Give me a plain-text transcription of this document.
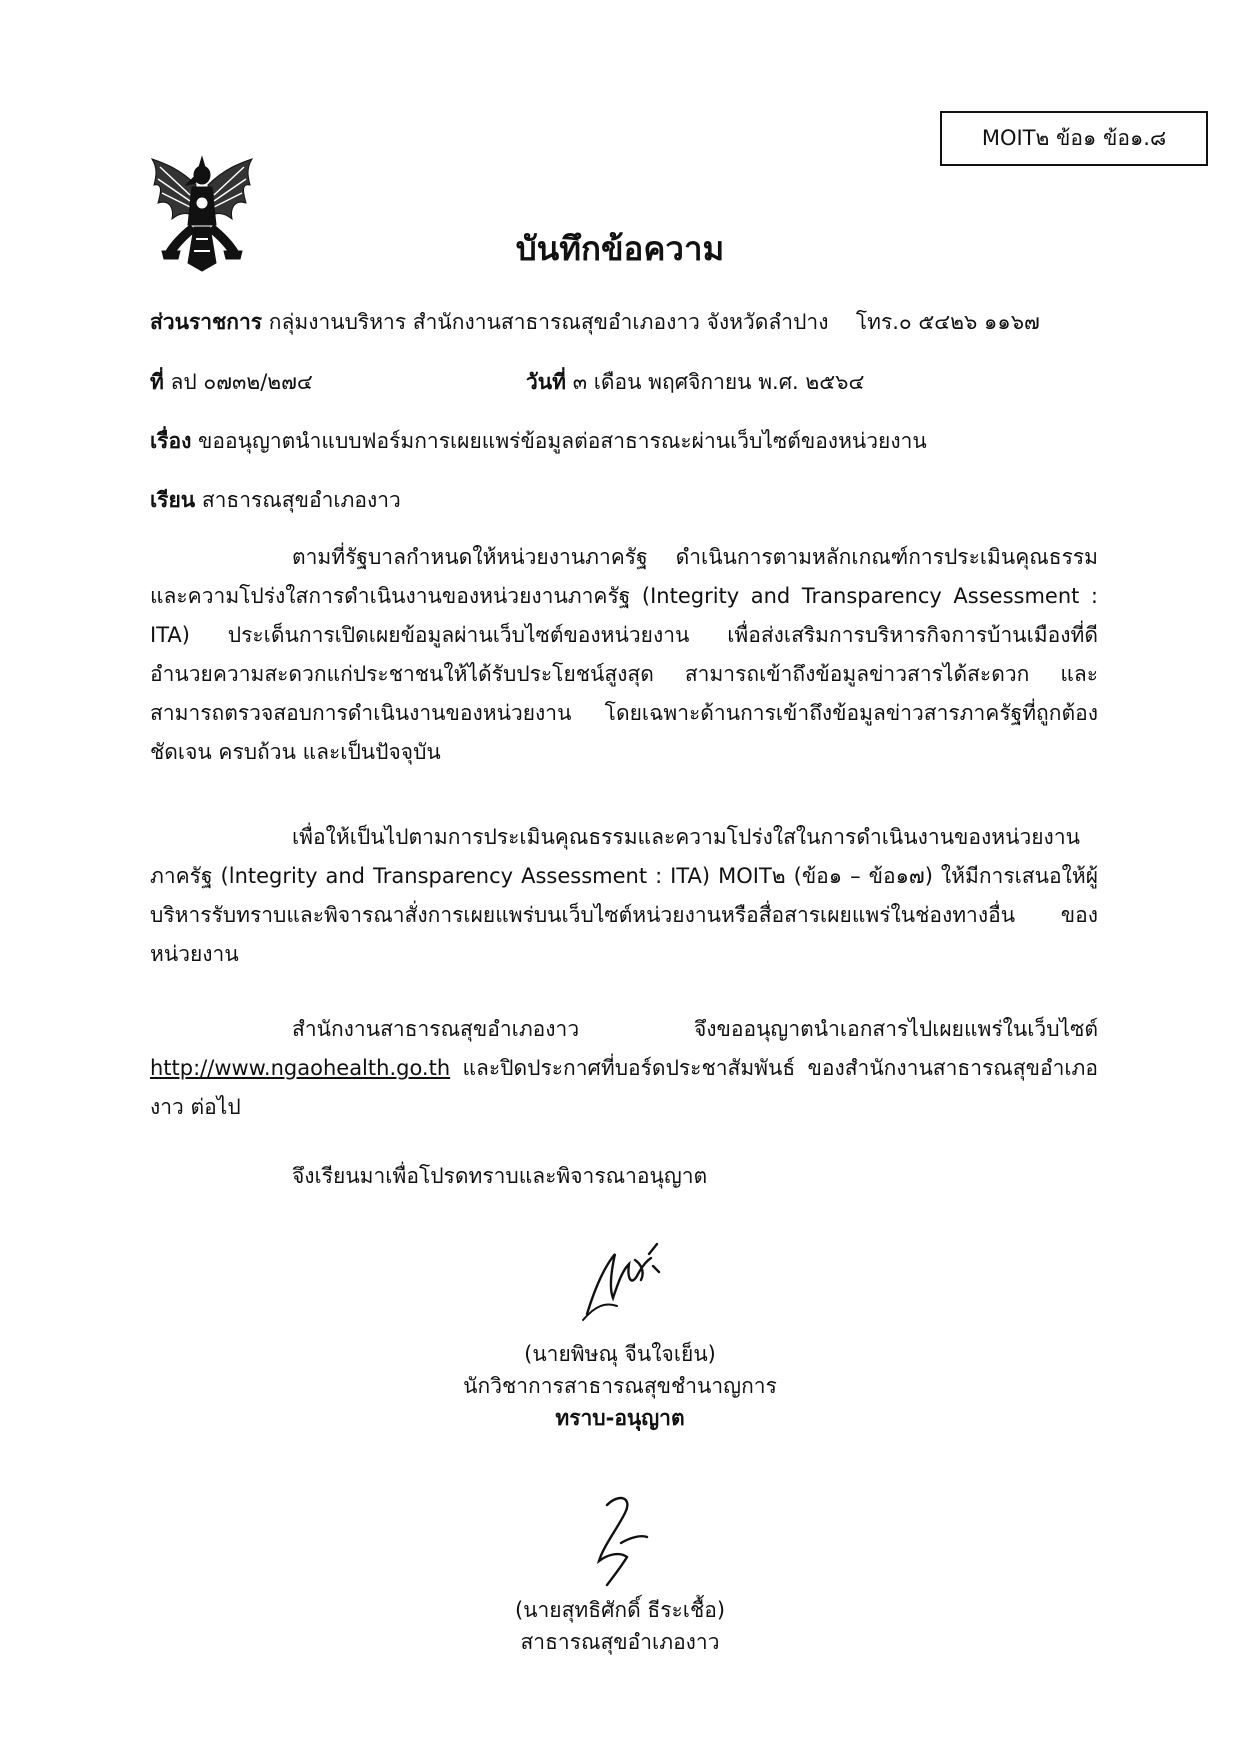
MOIT๒ ข้อ๑ ข้อ๑.๘
บันทึกข้อความ
ส่วนราชการ กลุ่มงานบริหาร สำนักงานสาธารณสุขอำเภองาว จังหวัดลำปาง โทร.๐ ๕๔๒๖ ๑๑๖๗
ที่ ลป ๐๗๓๒/๒๗๔	วันที่ ๓ เดือน พฤศจิกายน พ.ศ. ๒๕๖๔
เรื่อง ขออนุญาตนำแบบฟอร์มการเผยแพร่ข้อมูลต่อสาธารณะผ่านเว็บไซต์ของหน่วยงาน
เรียน สาธารณสุขอำเภองาว
ตามที่รัฐบาลกำหนดให้หน่วยงานภาครัฐ ดำเนินการตามหลักเกณฑ์การประเมินคุณธรรม และความโปร่งใสการดำเนินงานของหน่วยงานภาครัฐ (Integrity and Transparency Assessment : ITA) ประเด็นการเปิดเผยข้อมูลผ่านเว็บไซต์ของหน่วยงาน เพื่อส่งเสริมการบริหารกิจการบ้านเมืองที่ดี อำนวยความสะดวกแก่ประชาชนให้ได้รับประโยชน์สูงสุด สามารถเข้าถึงข้อมูลข่าวสารได้สะดวก และสามารถตรวจสอบการดำเนินงานของหน่วยงาน โดยเฉพาะด้านการเข้าถึงข้อมูลข่าวสารภาครัฐที่ถูกต้อง ชัดเจน ครบถ้วน และเป็นปัจจุบัน
เพื่อให้เป็นไปตามการประเมินคุณธรรมและความโปร่งใสในการดำเนินงานของหน่วยงานภาครัฐ (lntegrity and Transparency Assessment : ITA) MOIT๒ (ข้อ๑ – ข้อ๑๗) ให้มีการเสนอให้ผู้บริหารรับทราบและพิจารณาสั่งการเผยแพร่บนเว็บไซต์หน่วยงานหรือสื่อสารเผยแพร่ในช่องทางอื่น ของหน่วยงาน
สำนักงานสาธารณสุขอำเภองาว จึงขออนุญาตนำเอกสารไปเผยแพร่ในเว็บไซต์ http://www.ngaohealth.go.th และปิดประกาศที่บอร์ดประชาสัมพันธ์ ของสำนักงานสาธารณสุขอำเภองาว ต่อไป
จึงเรียนมาเพื่อโปรดทราบและพิจารณาอนุญาต
(นายพิษณุ จีนใจเย็น)
นักวิชาการสาธารณสุขชำนาญการ
ทราบ-อนุญาต
(นายสุทธิศักดิ์ ธีระเชื้อ)
สาธารณสุขอำเภองาว
